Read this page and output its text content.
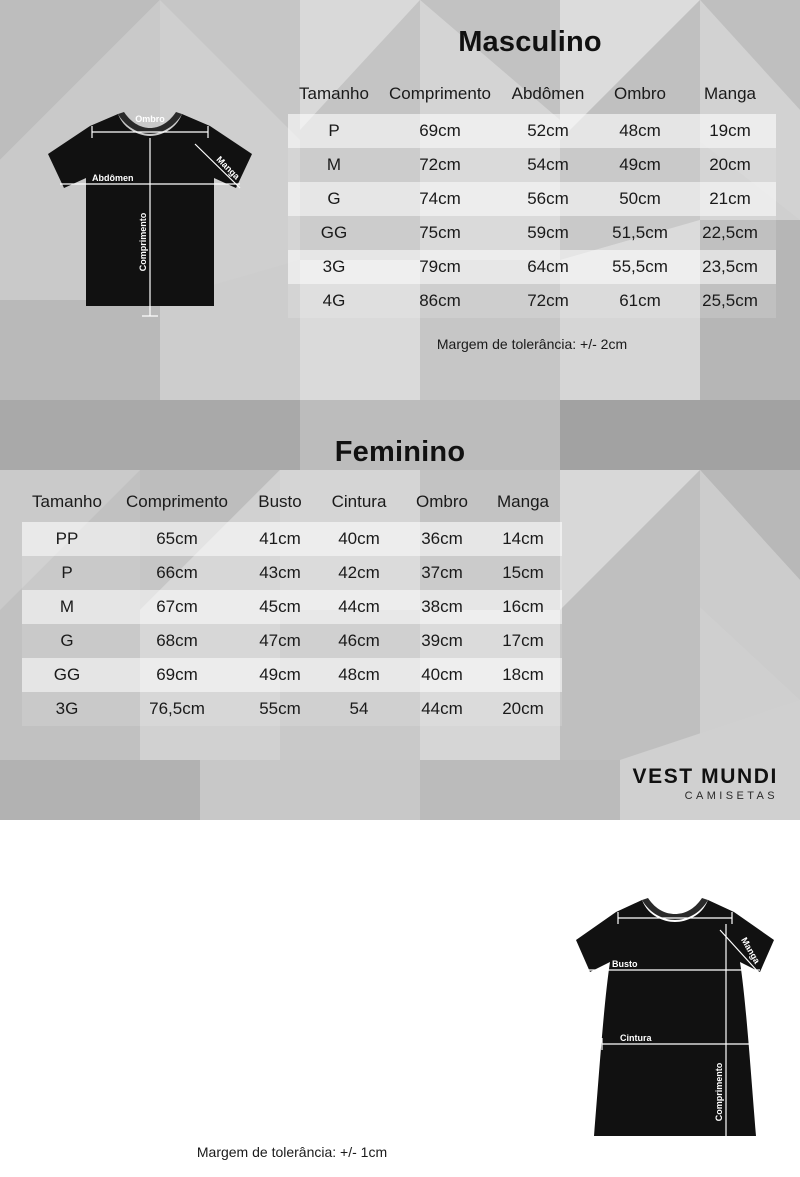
Masculino
Ombro
Abdômen	Manga
Comprimento
Tamanho	Comprimento	Abdômen	Ombro	Manga
P	69cm	52cm	48cm	19cm
M	72cm	54cm	49cm	20cm
G	74cm	56cm	50cm	21cm
GG	75cm	59cm	51,5cm	22,5cm
3G	79cm	64cm	55,5cm	23,5cm
4G	86cm	72cm	61cm	25,5cm
Margem de tolerância: +/- 2cm
Feminino
Ombro
Busto
Cintura
Manga
Comprimento
Tamanho	Comprimento	Busto	Cintura	Ombro	Manga
PP	65cm	41cm	40cm	36cm	14cm
P	66cm	43cm	42cm	37cm	15cm
M	67cm	45cm	44cm	38cm	16cm
G	68cm	47cm	46cm	39cm	17cm
GG	69cm	49cm	48cm	40cm	18cm
3G	76,5cm	55cm	54	44cm	20cm
Margem de tolerância: +/- 1cm
VEST MUNDI
CAMISETAS
